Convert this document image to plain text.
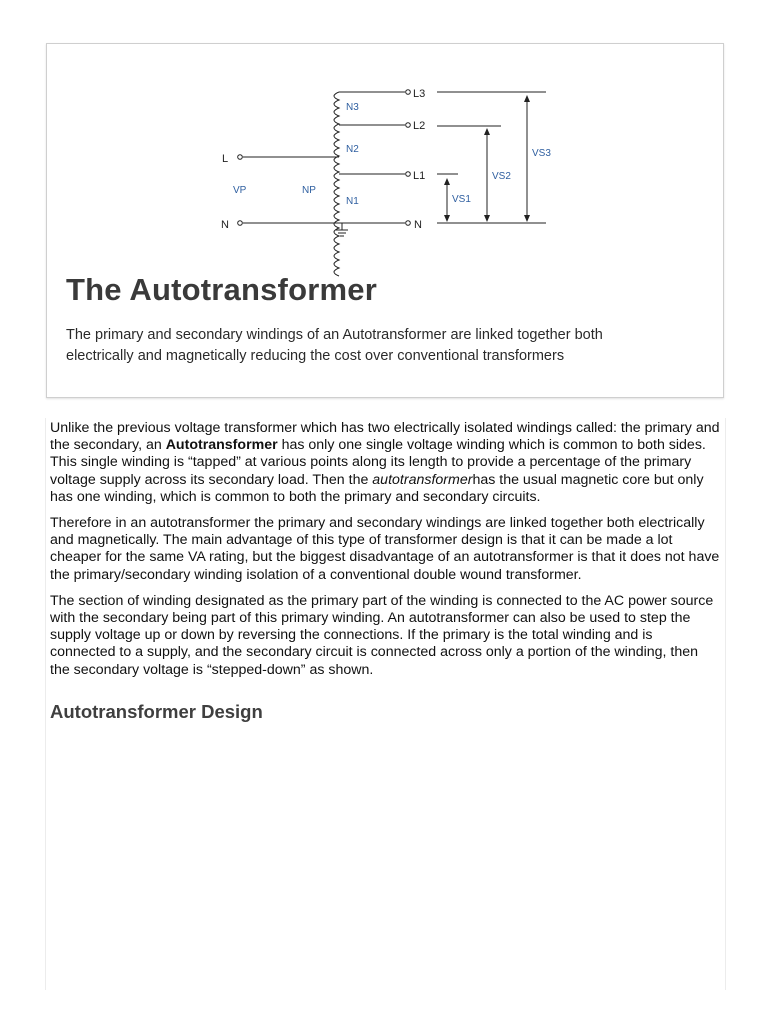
L
N
VP	NP
N3
N2
N1
L3
L2
L1
N
VS1
VS2
VS3
The Autotransformer

The primary and secondary windings of an Autotransformer are linked together both electrically and magnetically reducing the cost over conventional transformers

Unlike the previous voltage transformer which has two electrically isolated windings called: the primary and the secondary, an Autotransformer has only one single voltage winding which is common to both sides. This single winding is “tapped” at various points along its length to provide a percentage of the primary voltage supply across its secondary load. Then the autotransformerhas the usual magnetic core but only has one winding, which is common to both the primary and secondary circuits.

Therefore in an autotransformer the primary and secondary windings are linked together both electrically and magnetically. The main advantage of this type of transformer design is that it can be made a lot cheaper for the same VA rating, but the biggest disadvantage of an autotransformer is that it does not have the primary/secondary winding isolation of a conventional double wound transformer.

The section of winding designated as the primary part of the winding is connected to the AC power source with the secondary being part of this primary winding. An autotransformer can also be used to step the supply voltage up or down by reversing the connections. If the primary is the total winding and is connected to a supply, and the secondary circuit is connected across only a portion of the winding, then the secondary voltage is “stepped-down” as shown.

Autotransformer Design
